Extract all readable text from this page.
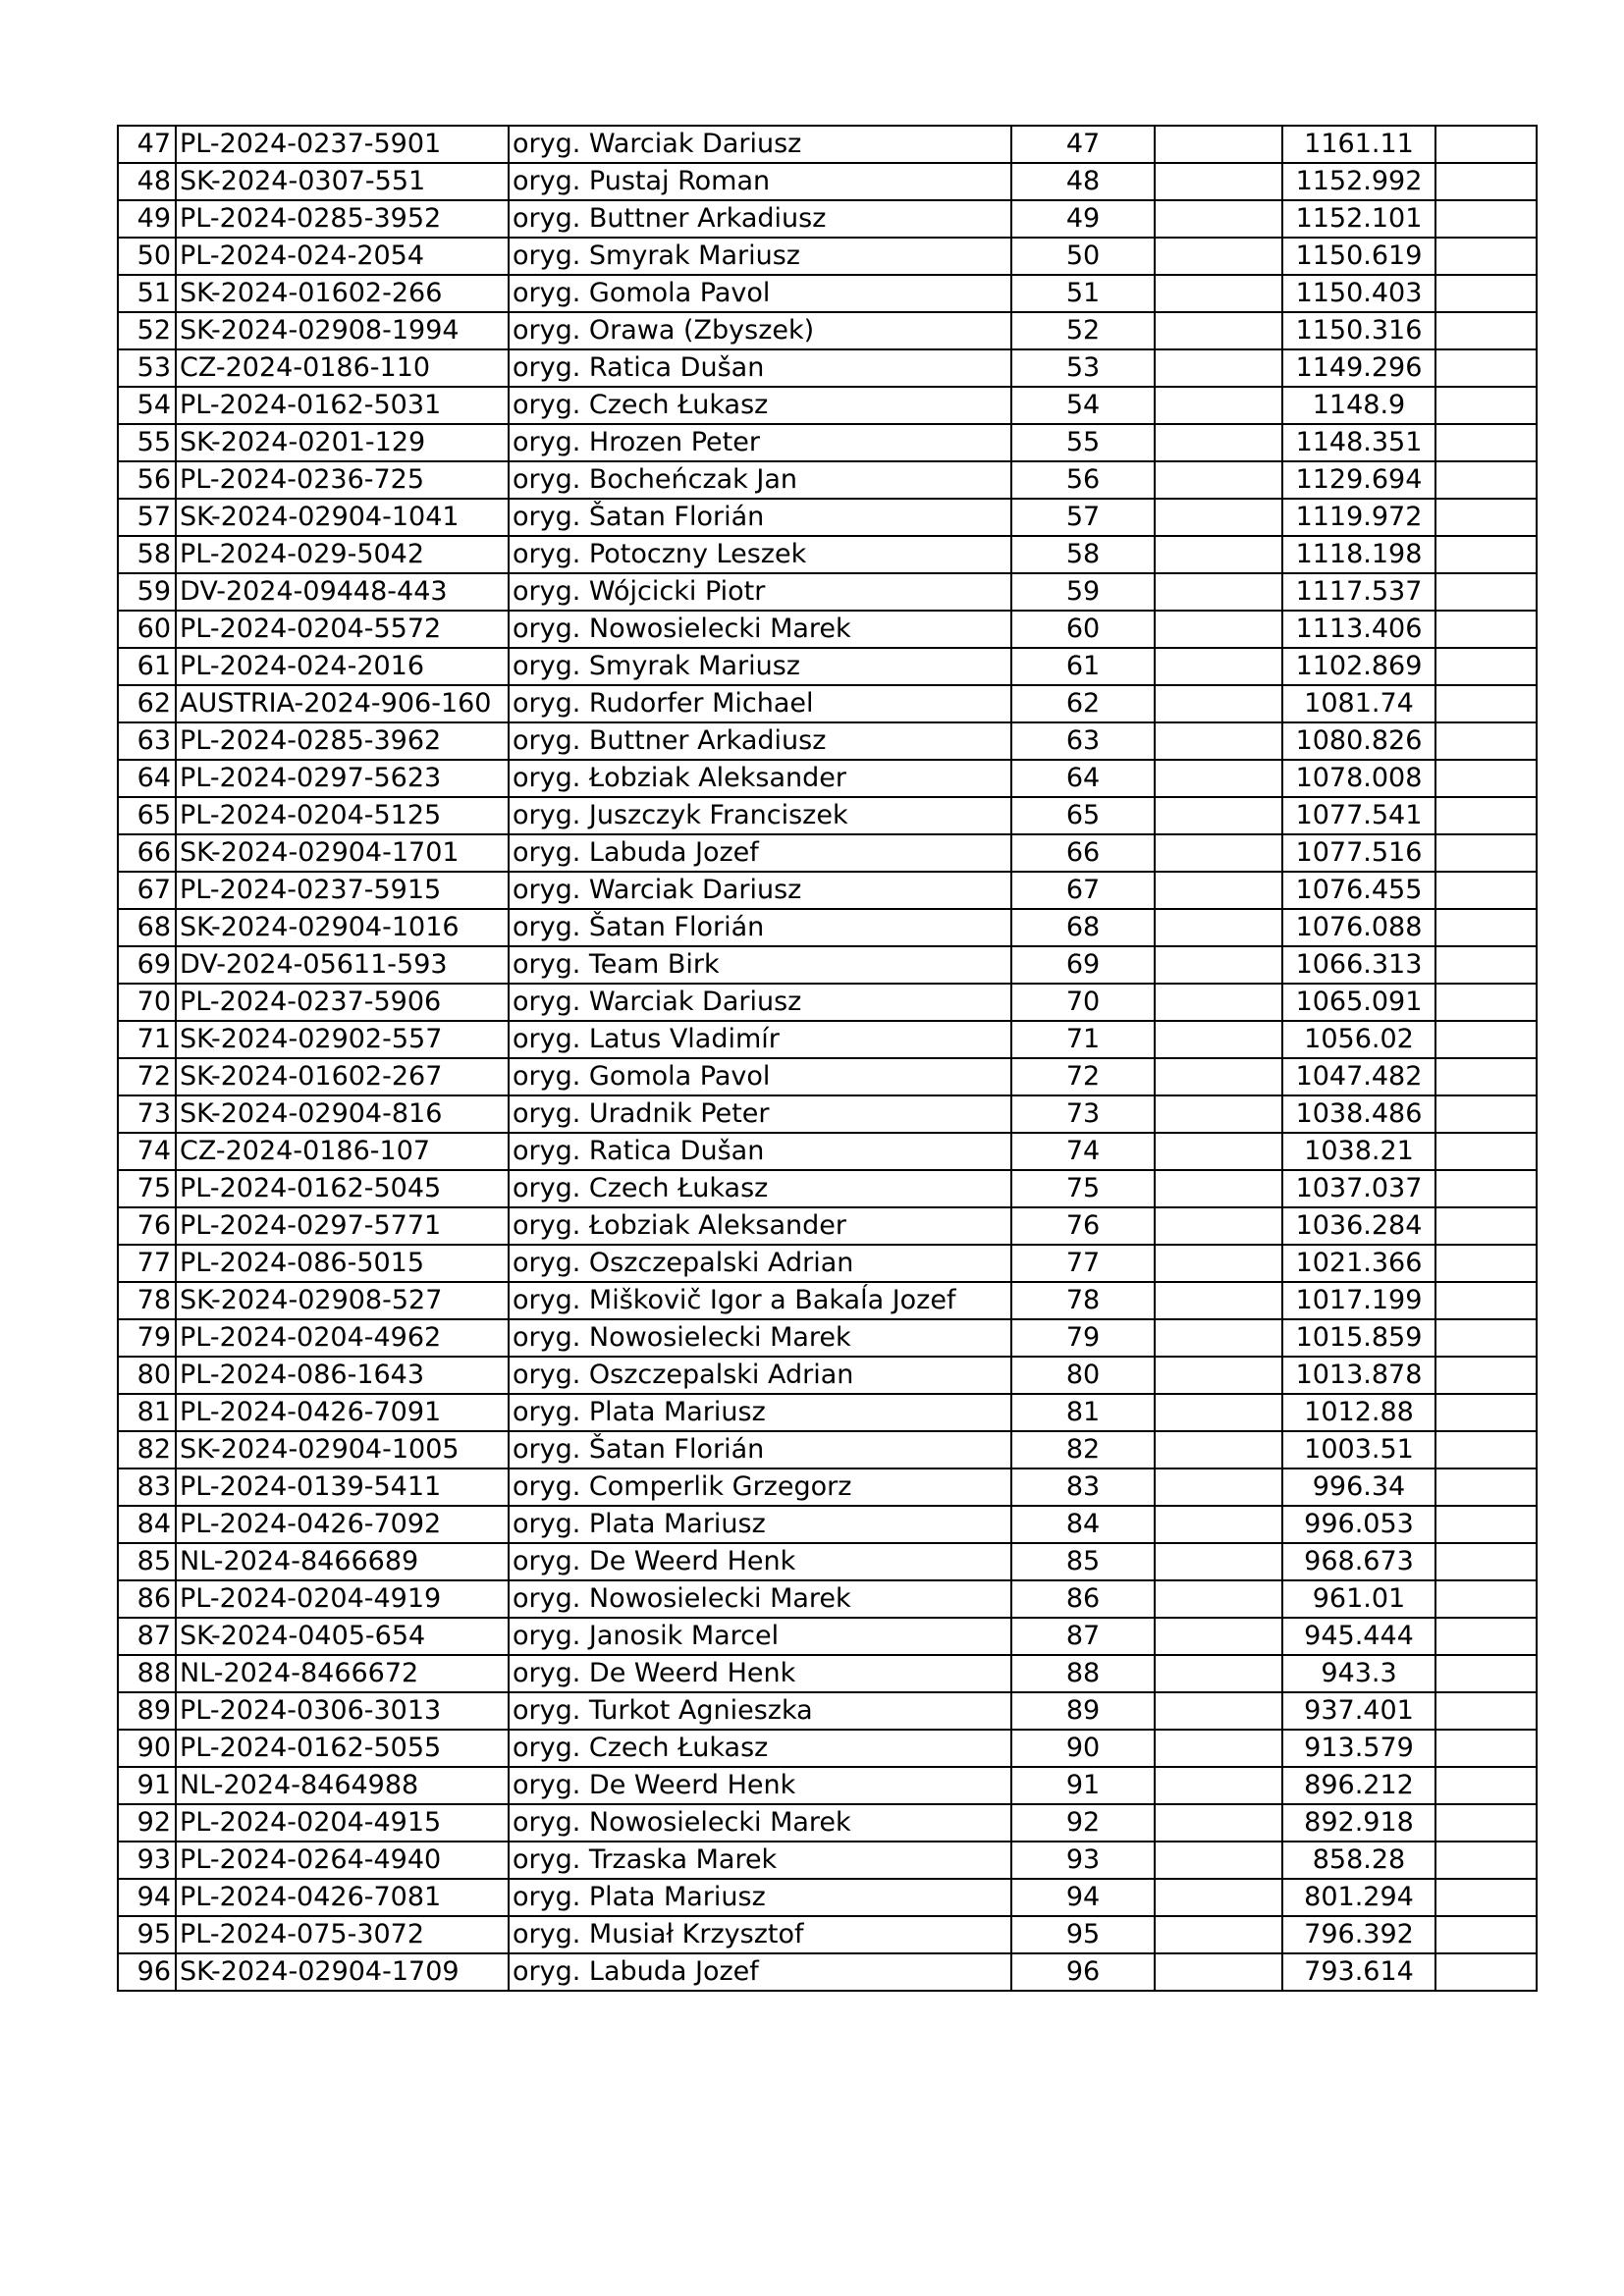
47	PL-2024-0237-5901	oryg. Warciak Dariusz	47		1161.11	
48	SK-2024-0307-551	oryg. Pustaj Roman	48		1152.992	
49	PL-2024-0285-3952	oryg. Buttner Arkadiusz	49		1152.101	
50	PL-2024-024-2054	oryg. Smyrak Mariusz	50		1150.619	
51	SK-2024-01602-266	oryg. Gomola Pavol	51		1150.403	
52	SK-2024-02908-1994	oryg. Orawa (Zbyszek)	52		1150.316	
53	CZ-2024-0186-110	oryg. Ratica Dušan	53		1149.296	
54	PL-2024-0162-5031	oryg. Czech Łukasz	54		1148.9	
55	SK-2024-0201-129	oryg. Hrozen Peter	55		1148.351	
56	PL-2024-0236-725	oryg. Bocheńczak Jan	56		1129.694	
57	SK-2024-02904-1041	oryg. Šatan Florián	57		1119.972	
58	PL-2024-029-5042	oryg. Potoczny Leszek	58		1118.198	
59	DV-2024-09448-443	oryg. Wójcicki Piotr	59		1117.537	
60	PL-2024-0204-5572	oryg. Nowosielecki Marek	60		1113.406	
61	PL-2024-024-2016	oryg. Smyrak Mariusz	61		1102.869	
62	AUSTRIA-2024-906-160	oryg. Rudorfer Michael	62		1081.74	
63	PL-2024-0285-3962	oryg. Buttner Arkadiusz	63		1080.826	
64	PL-2024-0297-5623	oryg. Łobziak Aleksander	64		1078.008	
65	PL-2024-0204-5125	oryg. Juszczyk Franciszek	65		1077.541	
66	SK-2024-02904-1701	oryg. Labuda Jozef	66		1077.516	
67	PL-2024-0237-5915	oryg. Warciak Dariusz	67		1076.455	
68	SK-2024-02904-1016	oryg. Šatan Florián	68		1076.088	
69	DV-2024-05611-593	oryg. Team Birk	69		1066.313	
70	PL-2024-0237-5906	oryg. Warciak Dariusz	70		1065.091	
71	SK-2024-02902-557	oryg. Latus Vladimír	71		1056.02	
72	SK-2024-01602-267	oryg. Gomola Pavol	72		1047.482	
73	SK-2024-02904-816	oryg. Uradnik Peter	73		1038.486	
74	CZ-2024-0186-107	oryg. Ratica Dušan	74		1038.21	
75	PL-2024-0162-5045	oryg. Czech Łukasz	75		1037.037	
76	PL-2024-0297-5771	oryg. Łobziak Aleksander	76		1036.284	
77	PL-2024-086-5015	oryg. Oszczepalski Adrian	77		1021.366	
78	SK-2024-02908-527	oryg. Miškovič Igor a Bakaĺa Jozef	78		1017.199	
79	PL-2024-0204-4962	oryg. Nowosielecki Marek	79		1015.859	
80	PL-2024-086-1643	oryg. Oszczepalski Adrian	80		1013.878	
81	PL-2024-0426-7091	oryg. Plata Mariusz	81		1012.88	
82	SK-2024-02904-1005	oryg. Šatan Florián	82		1003.51	
83	PL-2024-0139-5411	oryg. Comperlik Grzegorz	83		996.34	
84	PL-2024-0426-7092	oryg. Plata Mariusz	84		996.053	
85	NL-2024-8466689	oryg. De Weerd Henk	85		968.673	
86	PL-2024-0204-4919	oryg. Nowosielecki Marek	86		961.01	
87	SK-2024-0405-654	oryg. Janosik Marcel	87		945.444	
88	NL-2024-8466672	oryg. De Weerd Henk	88		943.3	
89	PL-2024-0306-3013	oryg. Turkot Agnieszka	89		937.401	
90	PL-2024-0162-5055	oryg. Czech Łukasz	90		913.579	
91	NL-2024-8464988	oryg. De Weerd Henk	91		896.212	
92	PL-2024-0204-4915	oryg. Nowosielecki Marek	92		892.918	
93	PL-2024-0264-4940	oryg. Trzaska Marek	93		858.28	
94	PL-2024-0426-7081	oryg. Plata Mariusz	94		801.294	
95	PL-2024-075-3072	oryg. Musiał Krzysztof	95		796.392	
96	SK-2024-02904-1709	oryg. Labuda Jozef	96		793.614	
